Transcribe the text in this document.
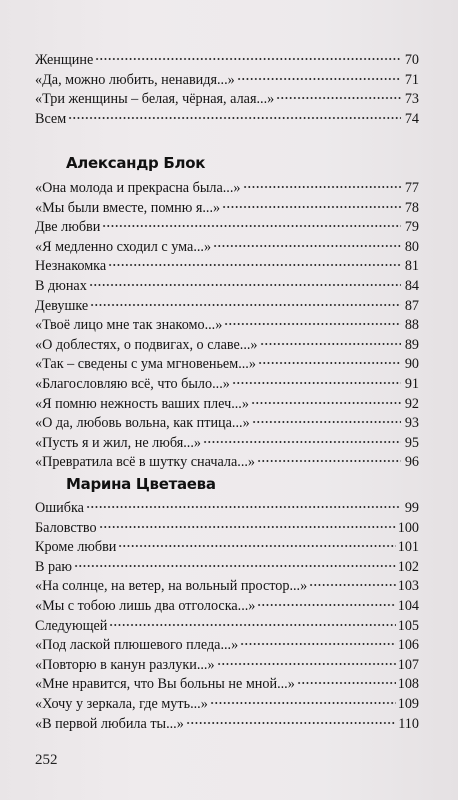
Женщине	70
«Да, можно любить, ненавидя...»	71
«Три женщины – белая, чёрная, алая...»	73
Всем	74
Александр Блок
«Она молода и прекрасна была...»	77
«Мы были вместе, помню я...»	78
Две любви	79
«Я медленно сходил с ума...»	80
Незнакомка	81
В дюнах	84
Девушке	87
«Твоё лицо мне так знакомо...»	88
«О доблестях, о подвигах, о славе...»	89
«Так – сведены с ума мгновеньем...»	90
«Благословляю всё, что было...»	91
«Я помню нежность ваших плеч...»	92
«О да, любовь вольна, как птица...»	93
«Пусть я и жил, не любя...»	95
«Превратила всё в шутку сначала...»	96
Марина Цветаева
Ошибка	99
Баловство	100
Кроме любви	101
В раю	102
«На солнце, на ветер, на вольный простор...»	103
«Мы с тобою лишь два отголоска...»	104
Следующей	105
«Под лаской плюшевого пледа...»	106
«Повторю в канун разлуки...»	107
«Мне нравится, что Вы больны не мной...»	108
«Хочу у зеркала, где муть...»	109
«В первой любила ты...»	110
252
